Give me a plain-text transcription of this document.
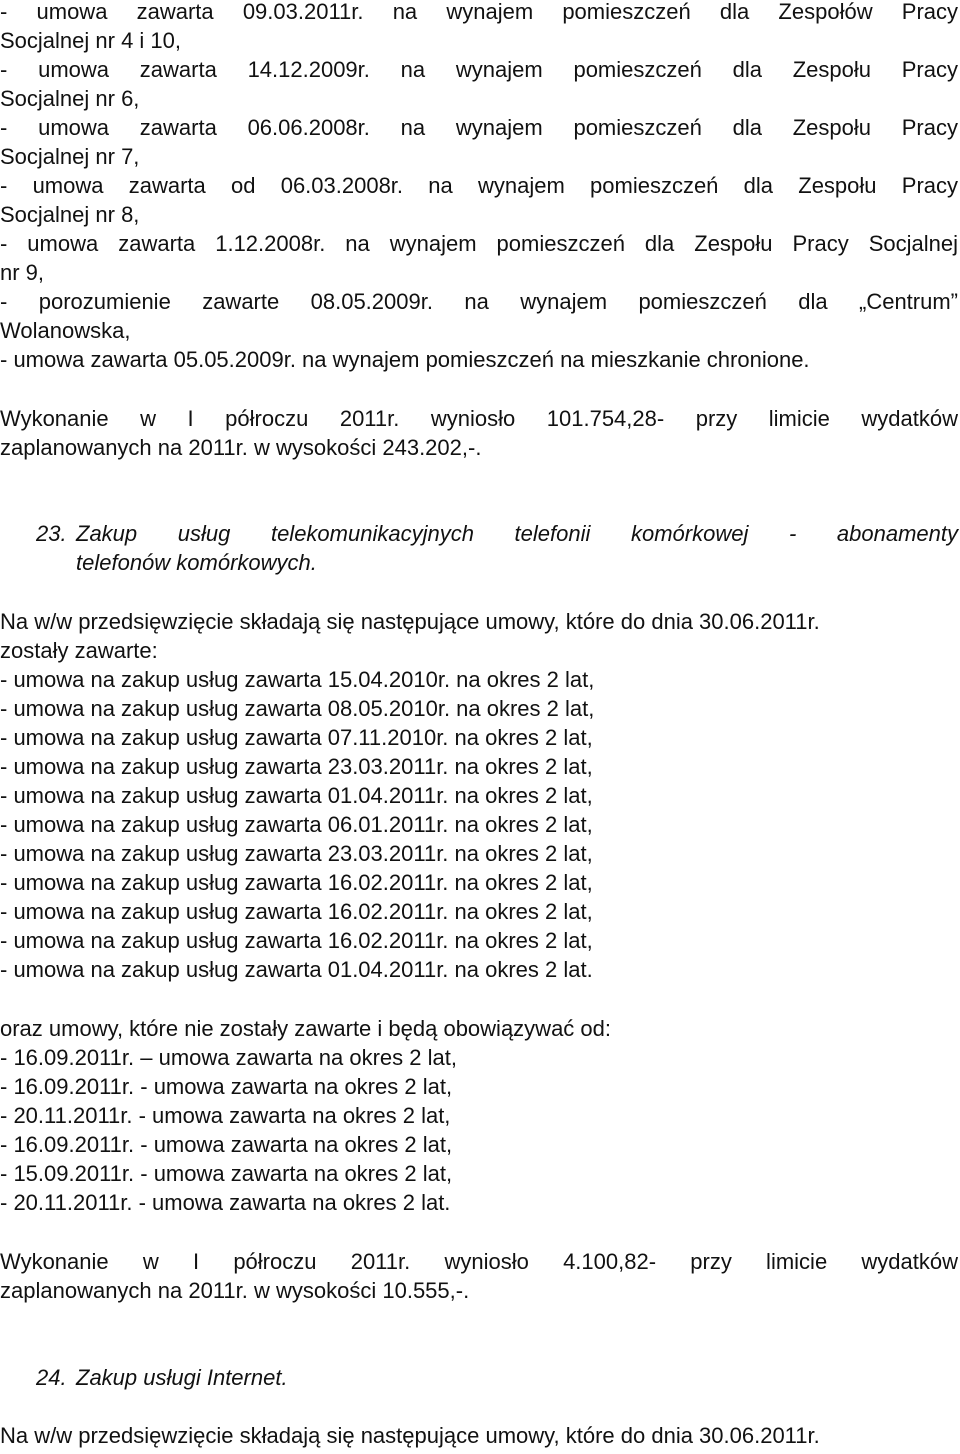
- umowa zawarta 09.03.2011r. na wynajem pomieszczeń dla Zespołów Pracy
Socjalnej nr 4 i 10,
- umowa zawarta 14.12.2009r. na wynajem pomieszczeń dla Zespołu Pracy
Socjalnej nr 6,
- umowa zawarta 06.06.2008r. na wynajem pomieszczeń dla Zespołu Pracy
Socjalnej nr 7,
- umowa zawarta od 06.03.2008r. na wynajem pomieszczeń dla Zespołu Pracy
Socjalnej nr 8,
- umowa zawarta 1.12.2008r. na wynajem pomieszczeń dla Zespołu Pracy Socjalnej
nr 9,
- porozumienie zawarte 08.05.2009r. na wynajem pomieszczeń dla „Centrum”
Wolanowska,
- umowa zawarta 05.05.2009r. na wynajem pomieszczeń na mieszkanie chronione.
Wykonanie w I półroczu 2011r. wyniosło 101.754,28- przy limicie wydatków
zaplanowanych na 2011r. w wysokości 243.202,-.
23. Zakup usług telekomunikacyjnych telefonii komórkowej - abonamenty
telefonów komórkowych.
Na w/w przedsięwzięcie składają się następujące umowy, które do dnia 30.06.2011r.
zostały zawarte:
- umowa na zakup usług zawarta 15.04.2010r. na okres 2 lat,
- umowa na zakup usług zawarta 08.05.2010r. na okres 2 lat,
- umowa na zakup usług zawarta 07.11.2010r. na okres 2 lat,
- umowa na zakup usług zawarta 23.03.2011r. na okres 2 lat,
- umowa na zakup usług zawarta 01.04.2011r. na okres 2 lat,
- umowa na zakup usług zawarta 06.01.2011r. na okres 2 lat,
- umowa na zakup usług zawarta 23.03.2011r. na okres 2 lat,
- umowa na zakup usług zawarta 16.02.2011r. na okres 2 lat,
- umowa na zakup usług zawarta 16.02.2011r. na okres 2 lat,
- umowa na zakup usług zawarta 16.02.2011r. na okres 2 lat,
- umowa na zakup usług zawarta 01.04.2011r. na okres 2 lat.
oraz umowy, które nie zostały zawarte i będą obowiązywać od:
- 16.09.2011r. – umowa zawarta na okres 2 lat,
- 16.09.2011r. - umowa zawarta na okres 2 lat,
- 20.11.2011r. - umowa zawarta na okres 2 lat,
- 16.09.2011r. - umowa zawarta na okres 2 lat,
- 15.09.2011r. - umowa zawarta na okres 2 lat,
- 20.11.2011r. - umowa zawarta na okres 2 lat.
Wykonanie w I półroczu 2011r. wyniosło 4.100,82- przy limicie wydatków
zaplanowanych na 2011r. w wysokości 10.555,-.
24. Zakup usługi Internet.
Na w/w przedsięwzięcie składają się następujące umowy, które do dnia 30.06.2011r.
